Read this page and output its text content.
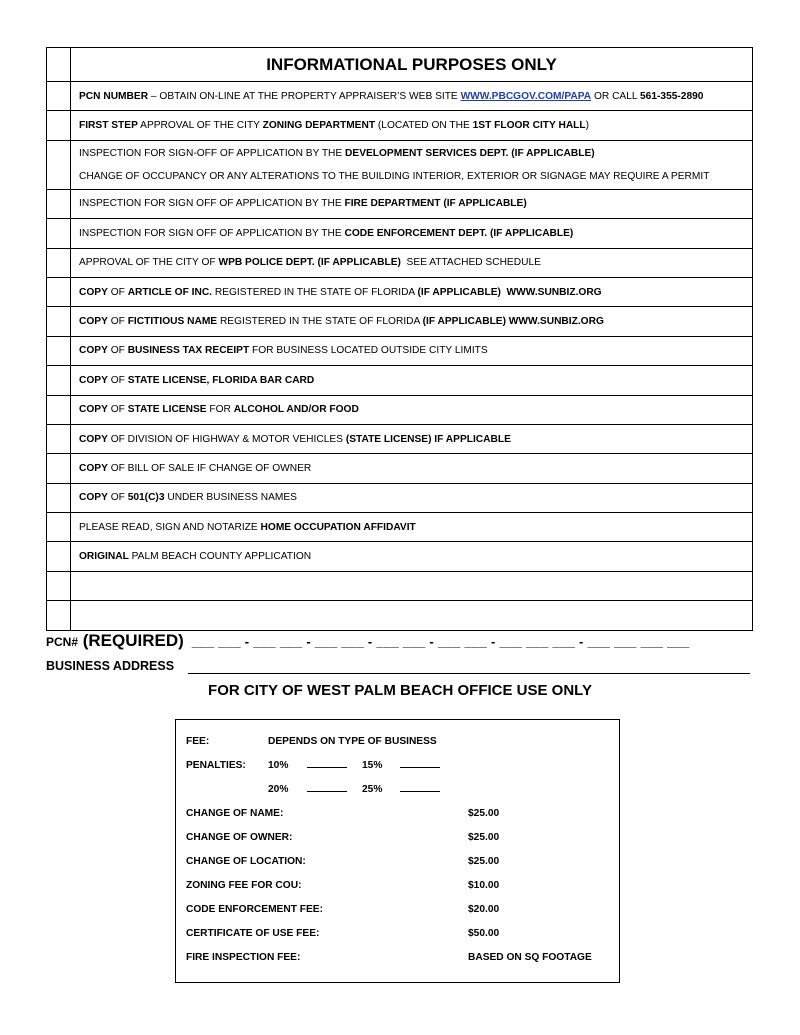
	INFORMATIONAL PURPOSES ONLY
	PCN NUMBER – OBTAIN ON-LINE AT THE PROPERTY APPRAISER’S WEB SITE WWW.PBCGOV.COM/PAPA OR CALL 561-355-2890
	FIRST STEP APPROVAL OF THE CITY ZONING DEPARTMENT (LOCATED ON THE 1ST FLOOR CITY HALL)
	INSPECTION FOR SIGN-OFF OF APPLICATION BY THE DEVELOPMENT SERVICES DEPT. (IF APPLICABLE)
CHANGE OF OCCUPANCY OR ANY ALTERATIONS TO THE BUILDING INTERIOR, EXTERIOR OR SIGNAGE MAY REQUIRE A PERMIT
	INSPECTION FOR SIGN OFF OF APPLICATION BY THE FIRE DEPARTMENT (IF APPLICABLE)
	INSPECTION FOR SIGN OFF OF APPLICATION BY THE CODE ENFORCEMENT DEPT. (IF APPLICABLE)
	APPROVAL OF THE CITY OF WPB POLICE DEPT. (IF APPLICABLE)  SEE ATTACHED SCHEDULE
	COPY OF ARTICLE OF INC. REGISTERED IN THE STATE OF FLORIDA (IF APPLICABLE)  WWW.SUNBIZ.ORG
	COPY OF FICTITIOUS NAME REGISTERED IN THE STATE OF FLORIDA (IF APPLICABLE) WWW.SUNBIZ.ORG
	COPY OF BUSINESS TAX RECEIPT FOR BUSINESS LOCATED OUTSIDE CITY LIMITS
	COPY OF STATE LICENSE, FLORIDA BAR CARD
	COPY OF STATE LICENSE FOR ALCOHOL AND/OR FOOD
	COPY OF DIVISION OF HIGHWAY & MOTOR VEHICLES (STATE LICENSE) IF APPLICABLE
	COPY OF BILL OF SALE IF CHANGE OF OWNER
	COPY OF 501(C)3 UNDER BUSINESS NAMES
	PLEASE READ, SIGN AND NOTARIZE HOME OCCUPATION AFFIDAVIT
	ORIGINAL PALM BEACH COUNTY APPLICATION

PCN# (REQUIRED) ___ ___ - ___ ___ - ___ ___ - ___ ___ - ___ ___ - ___ ___ ___ - ___ ___ ___ ___
BUSINESS ADDRESS
FOR CITY OF WEST PALM BEACH OFFICE USE ONLY
FEE:	DEPENDS ON TYPE OF BUSINESS
PENALTIES: 10%	15%
20%	25%
CHANGE OF NAME:	$25.00
CHANGE OF OWNER:	$25.00
CHANGE OF LOCATION:	$25.00
ZONING FEE FOR COU:	$10.00
CODE ENFORCEMENT FEE:	$20.00
CERTIFICATE OF USE FEE:	$50.00
FIRE INSPECTION FEE:	BASED ON SQ FOOTAGE
